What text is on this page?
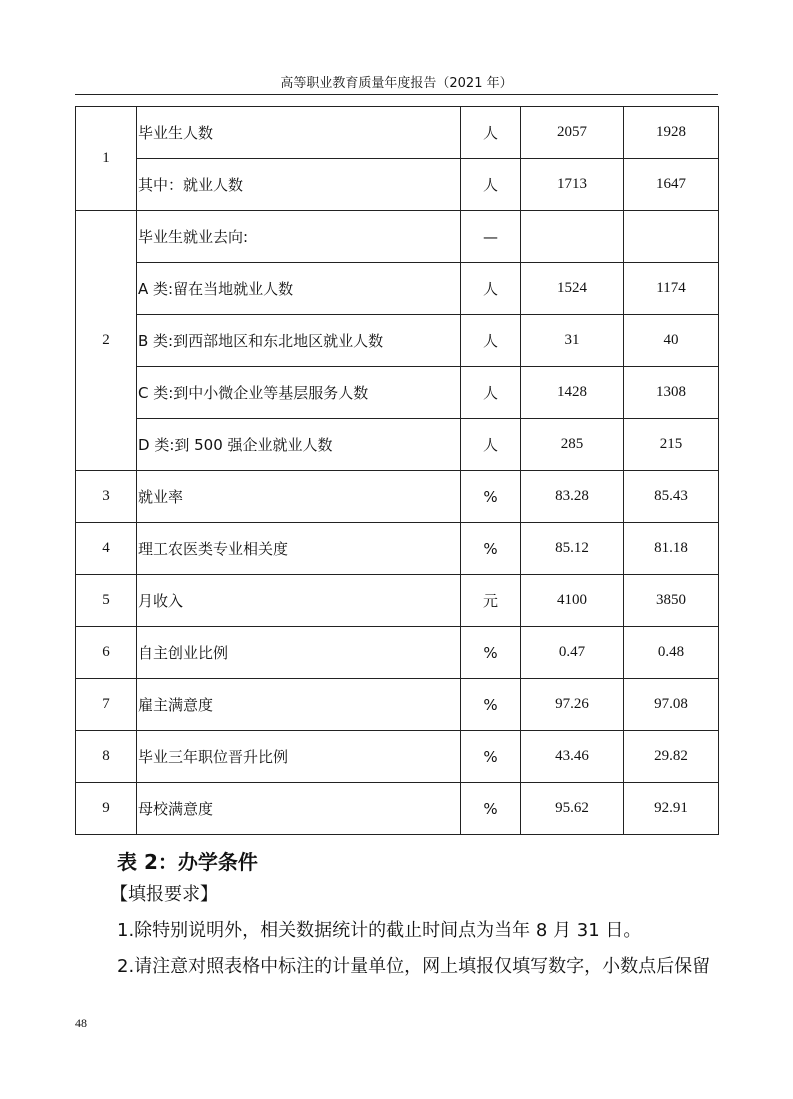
高等职业教育质量年度报告（2021 年）
1	毕业生人数	人	2057	1928
	其中：就业人数	人	1713	1647
2	毕业生就业去向:	—		
	A 类:留在当地就业人数	人	1524	1174
	B 类:到西部地区和东北地区就业人数	人	31	40
	C 类:到中小微企业等基层服务人数	人	1428	1308
	D 类:到 500 强企业就业人数	人	285	215
3	就业率	%	83.28	85.43
4	理工农医类专业相关度	%	85.12	81.18
5	月收入	元	4100	3850
6	自主创业比例	%	0.47	0.48
7	雇主满意度	%	97.26	97.08
8	毕业三年职位晋升比例	%	43.46	29.82
9	母校满意度	%	95.62	92.91
表 2：办学条件
【填报要求】
1.除特别说明外，相关数据统计的截止时间点为当年 8 月 31 日。
2.请注意对照表格中标注的计量单位，网上填报仅填写数字，小数点后保留
48
